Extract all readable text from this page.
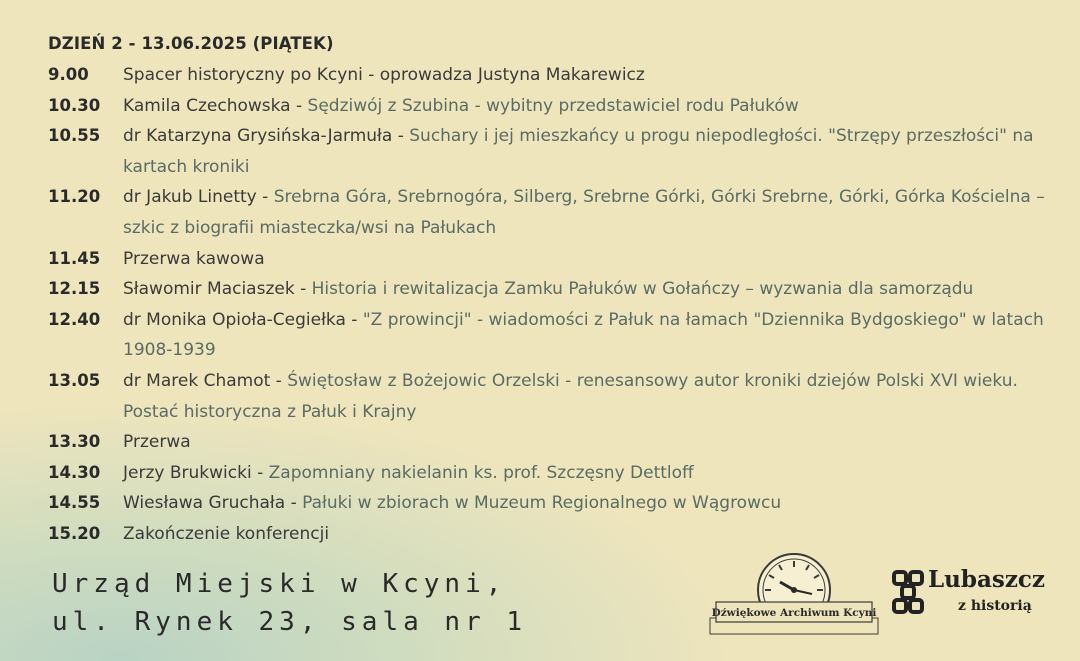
DZIEŃ 2 - 13.06.2025 (PIĄTEK)
9.00	Spacer historyczny po Kcyni - oprowadza Justyna Makarewicz
10.30	Kamila Czechowska - Sędziwój z Szubina - wybitny przedstawiciel rodu Pałuków
10.55	dr Katarzyna Grysińska-Jarmuła - Suchary i jej mieszkańcy u progu niepodległości. "Strzępy przeszłości" na kartach kroniki
11.20	dr Jakub Linetty - Srebrna Góra, Srebrnogóra, Silberg, Srebrne Górki, Górki Srebrne, Górki, Górka Kościelna – szkic z biografii miasteczka/wsi na Pałukach
11.45	Przerwa kawowa
12.15	Sławomir Maciaszek - Historia i rewitalizacja Zamku Pałuków w Gołańczy – wyzwania dla samorządu
12.40	dr Monika Opioła-Cegiełka - "Z prowincji" - wiadomości z Pałuk na łamach "Dziennika Bydgoskiego" w latach 1908-1939
13.05	dr Marek Chamot - Świętosław z Bożejowic Orzelski - renesansowy autor kroniki dziejów Polski XVI wieku. Postać historyczna z Pałuk i Krajny
13.30	Przerwa
14.30	Jerzy Brukwicki - Zapomniany nakielanin ks. prof. Szczęsny Dettloff
14.55	Wiesława Gruchała - Pałuki w zbiorach w Muzeum Regionalnego w Wągrowcu
15.20	Zakończenie konferencji
Urząd Miejski w Kcyni,
ul. Rynek 23, sala nr 1	Dźwiękowe Archiwum Kcyni
Lubaszcz
z historią
